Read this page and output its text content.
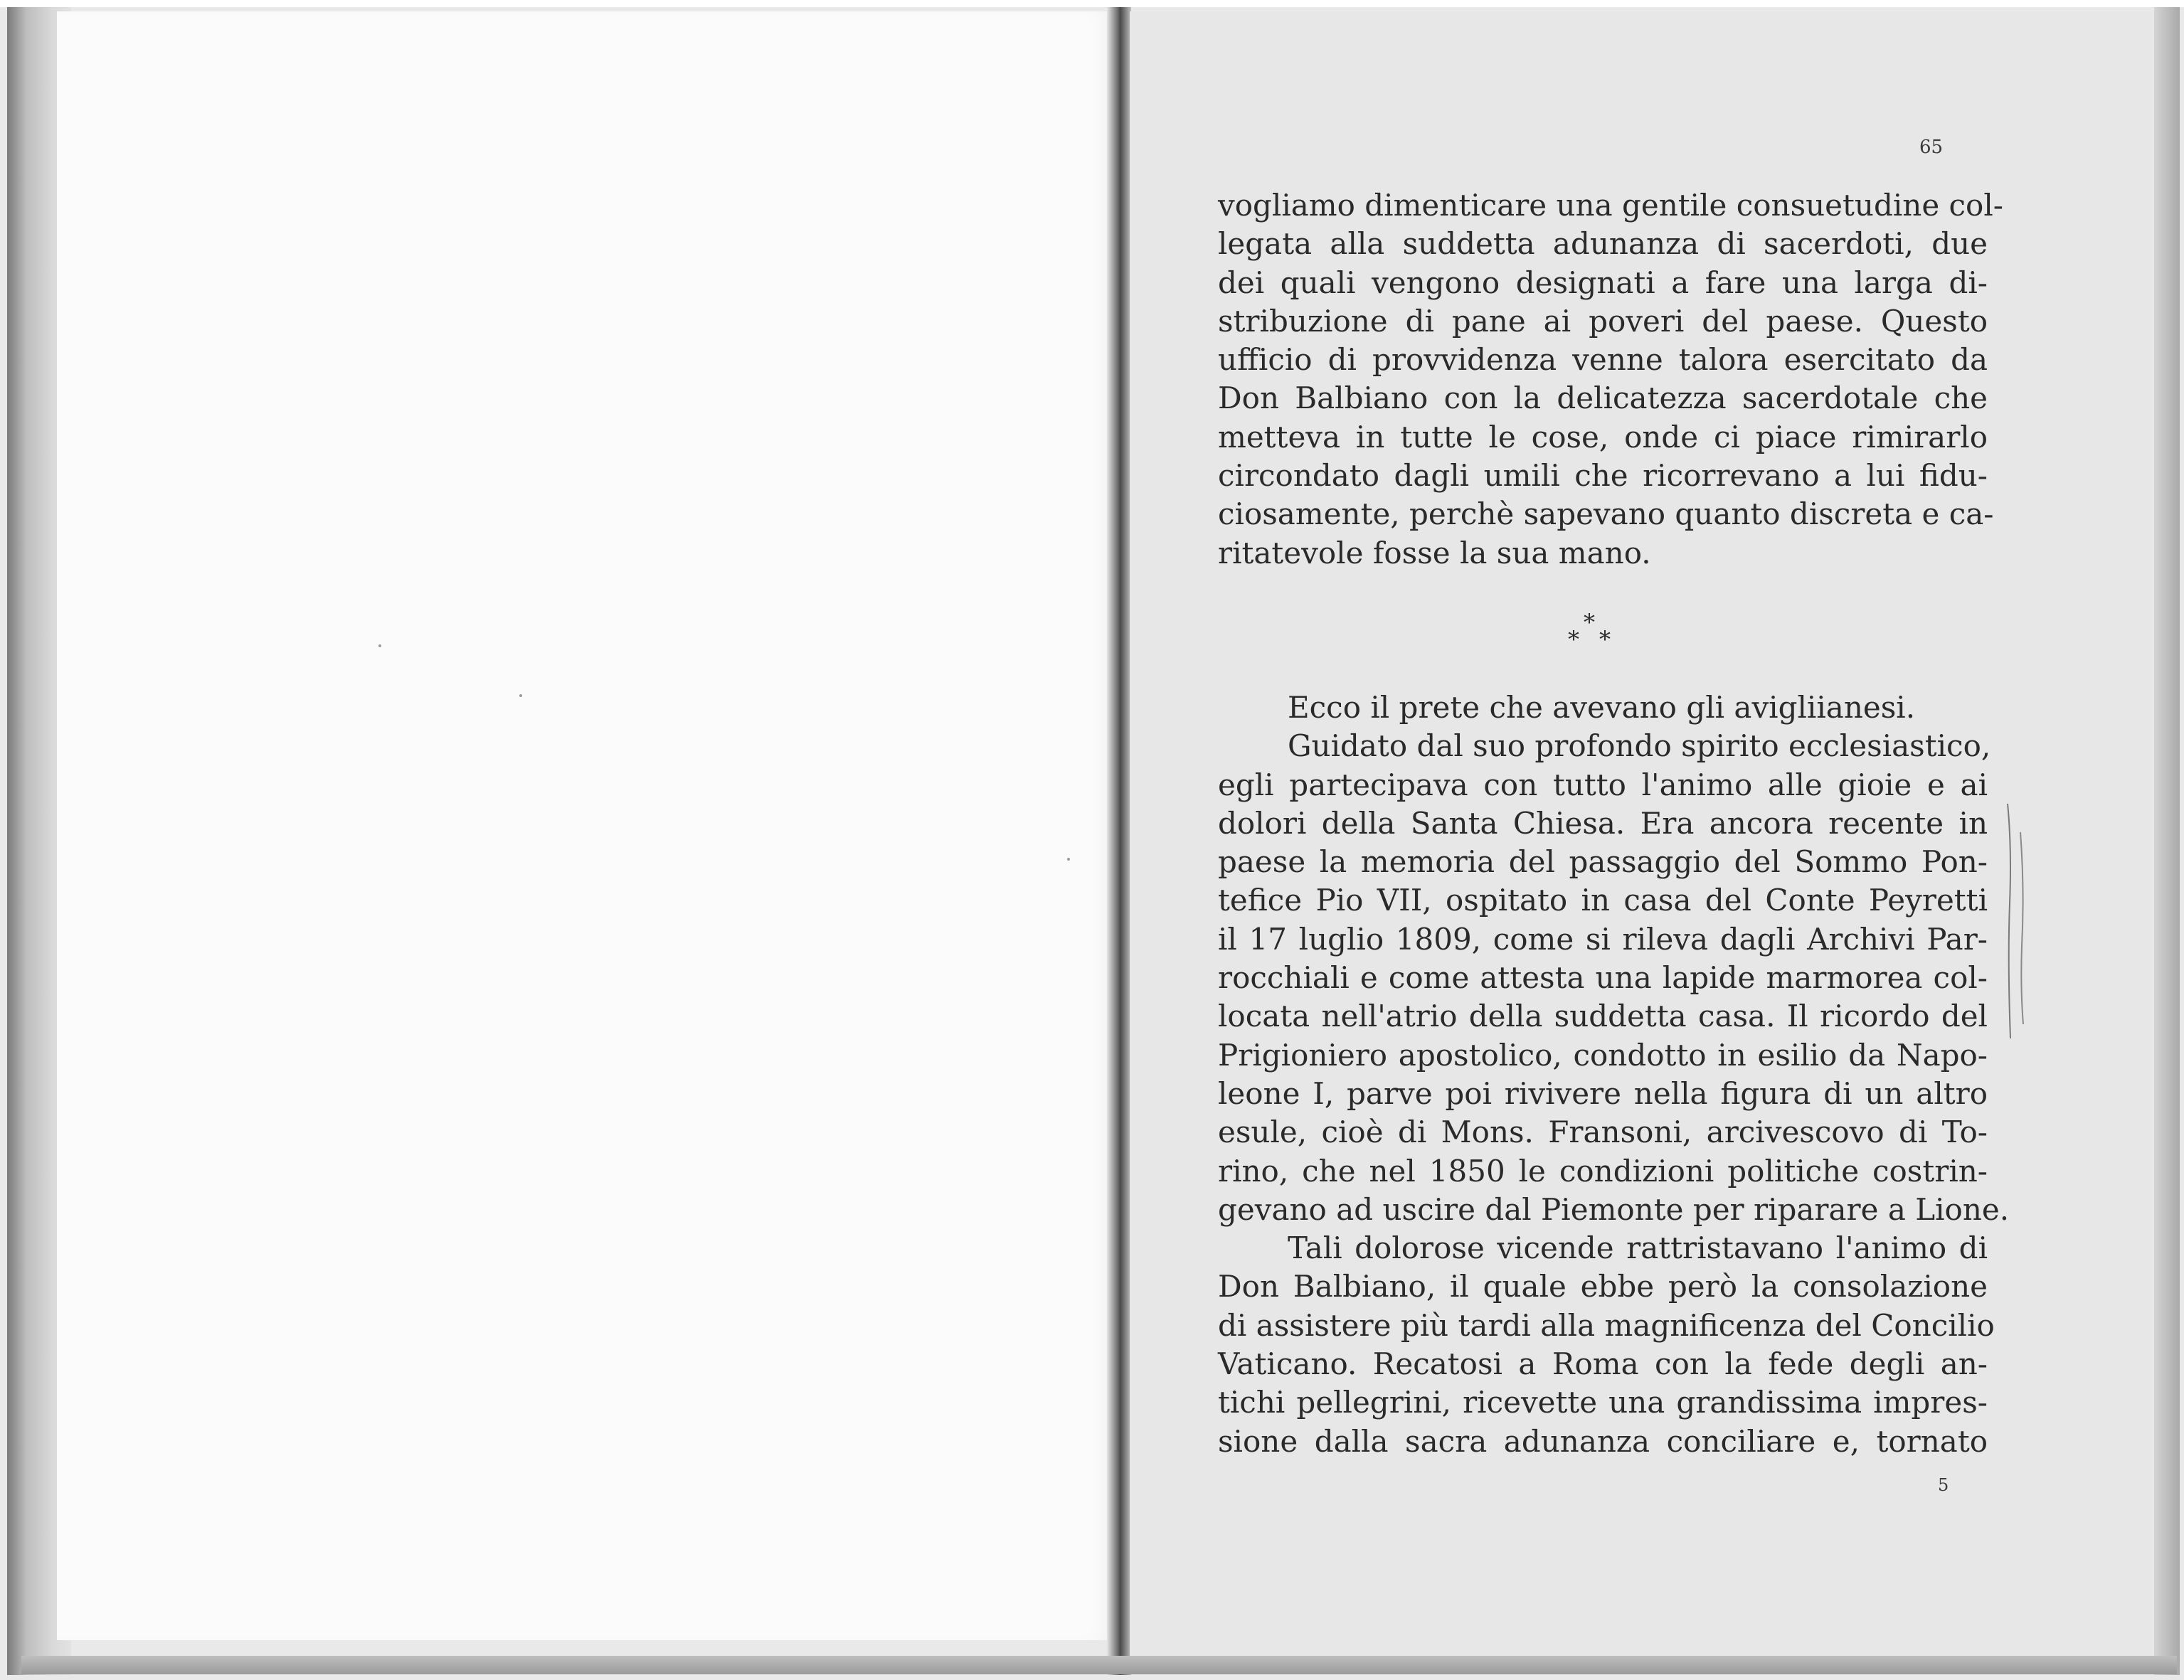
65
vogliamo dimenticare una gentile consuetudine col-
legata alla suddetta adunanza di sacerdoti, due
dei quali vengono designati a fare una larga di-
stribuzione di pane ai poveri del paese. Questo
ufficio di provvidenza venne talora esercitato da
Don Balbiano con la delicatezza sacerdotale che
metteva in tutte le cose, onde ci piace rimirarlo
circondato dagli umili che ricorrevano a lui fidu-
ciosamente, perchè sapevano quanto discreta e ca-
ritatevole fosse la sua mano.
Ecco il prete che avevano gli avigliianesi.
Guidato dal suo profondo spirito ecclesiastico,
egli partecipava con tutto l'animo alle gioie e ai
dolori della Santa Chiesa. Era ancora recente in
paese la memoria del passaggio del Sommo Pon-
tefice Pio VII, ospitato in casa del Conte Peyretti
il 17 luglio 1809, come si rileva dagli Archivi Par-
rocchiali e come attesta una lapide marmorea col-
locata nell'atrio della suddetta casa. Il ricordo del
Prigioniero apostolico, condotto in esilio da Napo-
leone I, parve poi rivivere nella figura di un altro
esule, cioè di Mons. Fransoni, arcivescovo di To-
rino, che nel 1850 le condizioni politiche costrin-
gevano ad uscire dal Piemonte per riparare a Lione.
Tali dolorose vicende rattristavano l'animo di
Don Balbiano, il quale ebbe però la consolazione
di assistere più tardi alla magnificenza del Concilio
Vaticano. Recatosi a Roma con la fede degli an-
tichi pellegrini, ricevette una grandissima impres-
sione dalla sacra adunanza conciliare e, tornato
*
* *
5
